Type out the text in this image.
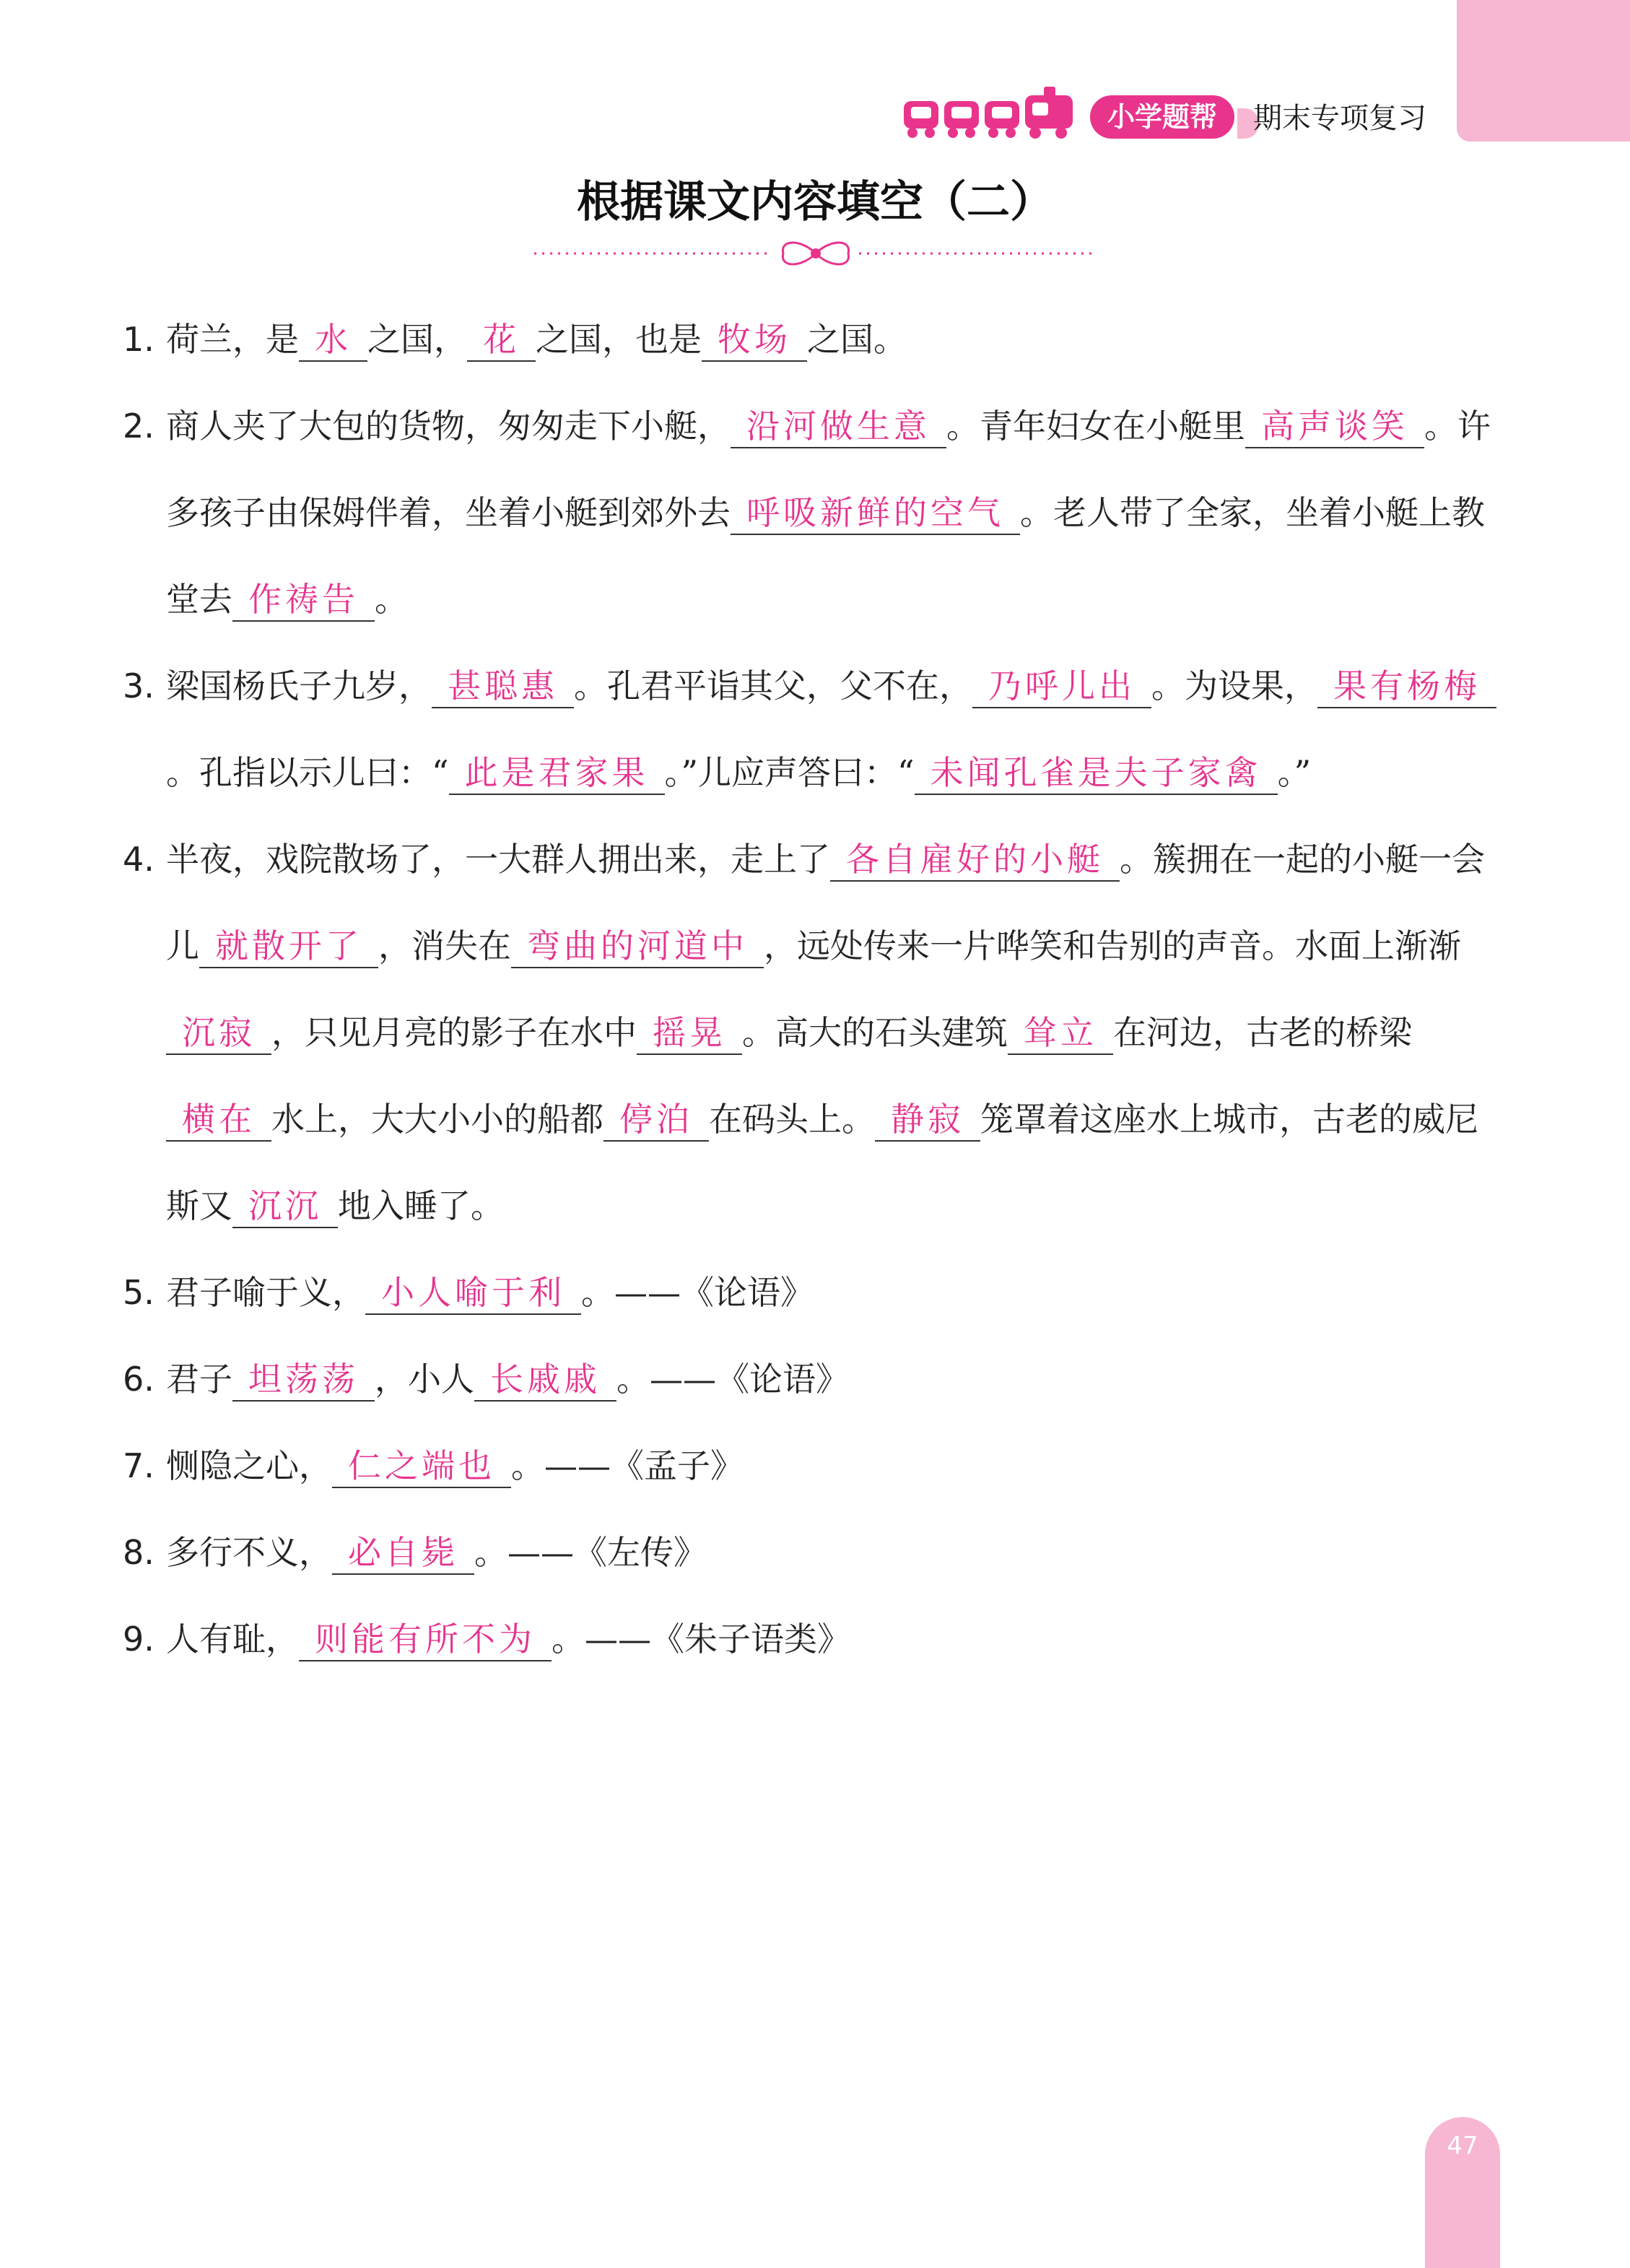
小学题帮	期末专项复习
根据课文内容填空（二）
1. 荷兰，是 水 之国， 花 之国，也是 牧场 之国。
2. 商人夹了大包的货物，匆匆走下小艇， 沿河做生意 。青年妇女在小艇里 高声谈笑 。许多孩子由保姆伴着，坐着小艇到郊外去 呼吸新鲜的空气 。老人带了全家，坐着小艇上教堂去 作祷告 。
3. 梁国杨氏子九岁， 甚聪惠 。孔君平诣其父，父不在， 乃呼儿出 。为设果， 果有杨梅。孔指以示儿曰：“ 此是君家果 。”儿应声答曰：“ 未闻孔雀是夫子家禽 。”
4. 半夜，戏院散场了，一大群人拥出来，走上了 各自雇好的小艇 。簇拥在一起的小艇一会儿 就散开了 ，消失在 弯曲的河道中 ，远处传来一片哗笑和告别的声音。水面上渐渐沉寂 ，只见月亮的影子在水中 摇晃 。高大的石头建筑 耸立 在河边，古老的桥梁横在 水上，大大小小的船都 停泊 在码头上。 静寂 笼罩着这座水上城市，古老的威尼斯又 沉沉 地入睡了。
5. 君子喻于义， 小人喻于利 。——《论语》
6. 君子 坦荡荡 ，小人 长戚戚 。——《论语》
7. 恻隐之心， 仁之端也 。——《孟子》
8. 多行不义， 必自毙 。——《左传》
9. 人有耻， 则能有所不为 。——《朱子语类》
47
